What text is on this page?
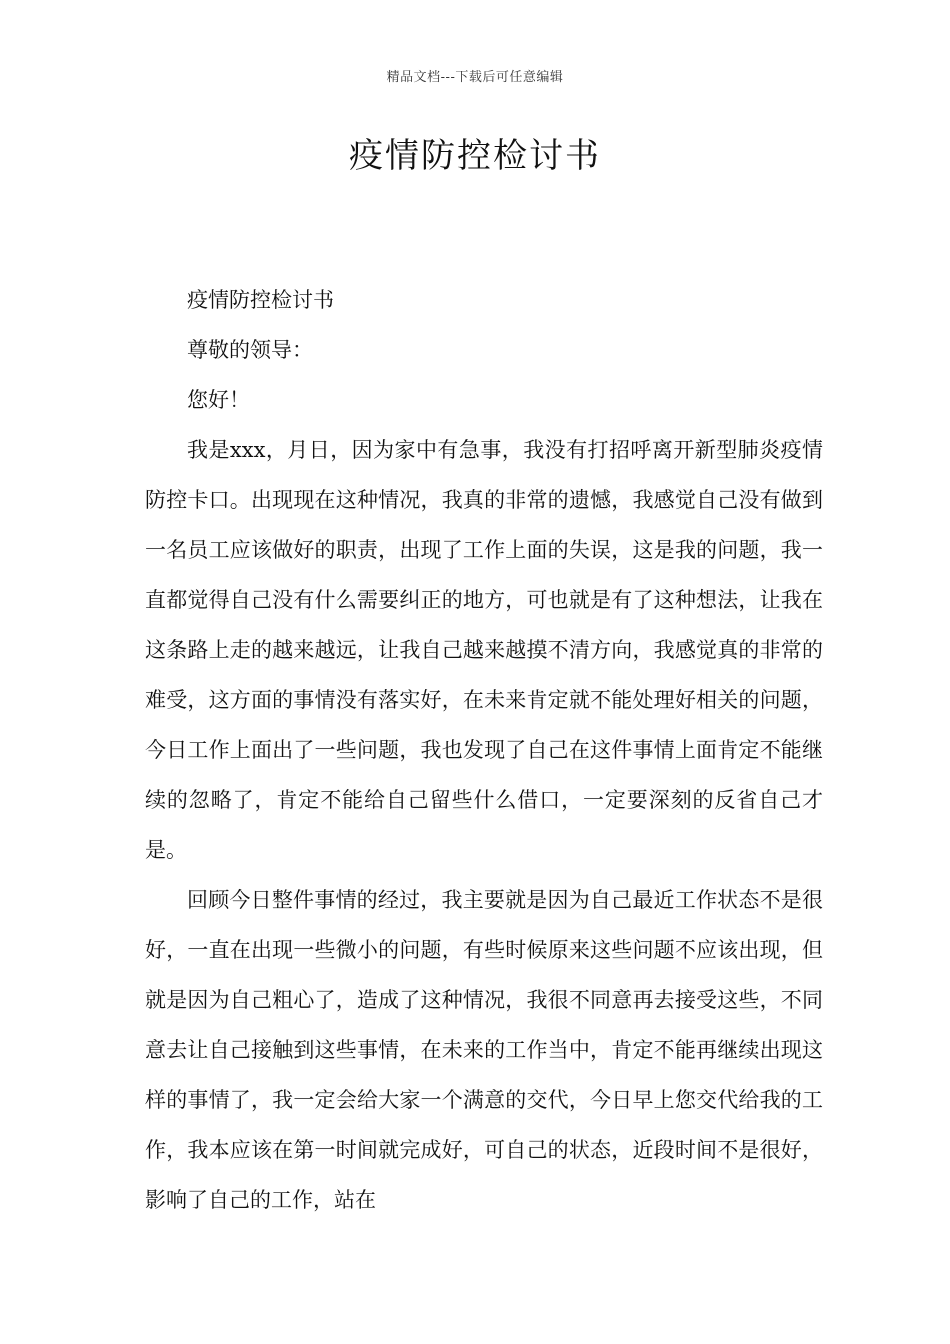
精品文档---下载后可任意编辑
疫情防控检讨书

疫情防控检讨书

尊敬的领导：

您好！

我是xxx，月日，因为家中有急事，我没有打招呼离开新型肺炎疫情防控卡口。出现现在这种情况，我真的非常的遗憾，我感觉自己没有做到一名员工应该做好的职责，出现了工作上面的失误，这是我的问题，我一直都觉得自己没有什么需要纠正的地方，可也就是有了这种想法，让我在这条路上走的越来越远，让我自己越来越摸不清方向，我感觉真的非常的难受，这方面的事情没有落实好，在未来肯定就不能处理好相关的问题，今日工作上面出了一些问题，我也发现了自己在这件事情上面肯定不能继续的忽略了，肯定不能给自己留些什么借口，一定要深刻的反省自己才是。

回顾今日整件事情的经过，我主要就是因为自己最近工作状态不是很好，一直在出现一些微小的问题，有些时候原来这些问题不应该出现，但就是因为自己粗心了，造成了这种情况，我很不同意再去接受这些，不同意去让自己接触到这些事情，在未来的工作当中，肯定不能再继续出现这样的事情了，我一定会给大家一个满意的交代，今日早上您交代给我的工作，我本应该在第一时间就完成好，可自己的状态，近段时间不是很好，影响了自己的工作，站在
